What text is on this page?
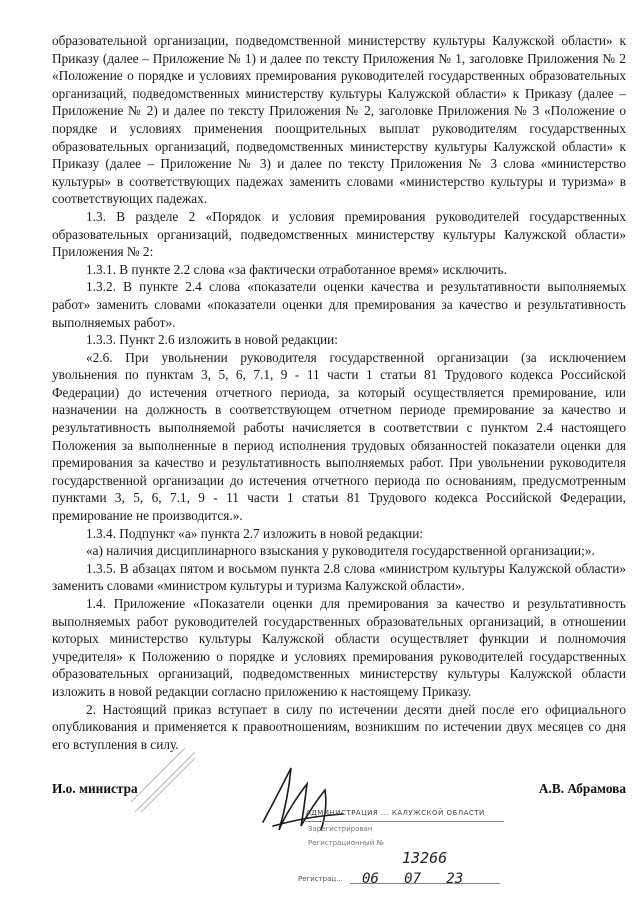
образовательной организации, подведомственной министерству культуры Калужской области» к Приказу (далее – Приложение № 1) и далее по тексту Приложения № 1, заголовке Приложения № 2 «Положение о порядке и условиях премирования руководителей государственных образовательных организаций, подведомственных министерству культуры Калужской области» к Приказу (далее – Приложение № 2) и далее по тексту Приложения № 2, заголовке Приложения № 3 «Положение о порядке и условиях применения поощрительных выплат руководителям государственных образовательных организаций, подведомственных министерству культуры Калужской области» к Приказу (далее – Приложение № 3) и далее по тексту Приложения № 3 слова «министерство культуры» в соответствующих падежах заменить словами «министерство культуры и туризма» в соответствующих падежах.

1.3. В разделе 2 «Порядок и условия премирования руководителей государственных образовательных организаций, подведомственных министерству культуры Калужской области» Приложения № 2:

1.3.1. В пункте 2.2 слова «за фактически отработанное время» исключить.

1.3.2. В пункте 2.4 слова «показатели оценки качества и результативности выполняемых работ» заменить словами «показатели оценки для премирования за качество и результативность выполняемых работ».

1.3.3. Пункт 2.6 изложить в новой редакции:

«2.6. При увольнении руководителя государственной организации (за исключением увольнения по пунктам 3, 5, 6, 7.1, 9 - 11 части 1 статьи 81 Трудового кодекса Российской Федерации) до истечения отчетного периода, за который осуществляется премирование, или назначении на должность в соответствующем отчетном периоде премирование за качество и результативность выполняемой работы начисляется в соответствии с пунктом 2.4 настоящего Положения за выполненные в период исполнения трудовых обязанностей показатели оценки для премирования за качество и результативность выполняемых работ. При увольнении руководителя государственной организации до истечения отчетного периода по основаниям, предусмотренным пунктами 3, 5, 6, 7.1, 9 - 11 части 1 статьи 81 Трудового кодекса Российской Федерации, премирование не производится.».

1.3.4. Подпункт «а» пункта 2.7 изложить в новой редакции:

«а) наличия дисциплинарного взыскания у руководителя государственной организации;».

1.3.5. В абзацах пятом и восьмом пункта 2.8 слова «министром культуры Калужской области» заменить словами «министром культуры и туризма Калужской области».

1.4. Приложение «Показатели оценки для премирования за качество и результативность выполняемых работ руководителей государственных образовательных организаций, в отношении которых министерство культуры Калужской области осуществляет функции и полномочия учредителя» к Положению о порядке и условиях премирования руководителей государственных образовательных организаций, подведомственных министерству культуры Калужской области изложить в новой редакции согласно приложению к настоящему Приказу.

2. Настоящий приказ вступает в силу по истечении десяти дней после его официального опубликования и применяется к правоотношениям, возникшим по истечении двух месяцев со дня его вступления в силу.

И.о. министра	А.В. Абрамова
АДМИНИСТРАЦИЯ ... КАЛУЖСКОЙ ОБЛАСТИ
Зарегистрирован
Регистрационный №
Регистрац...
13266
06   07   23
